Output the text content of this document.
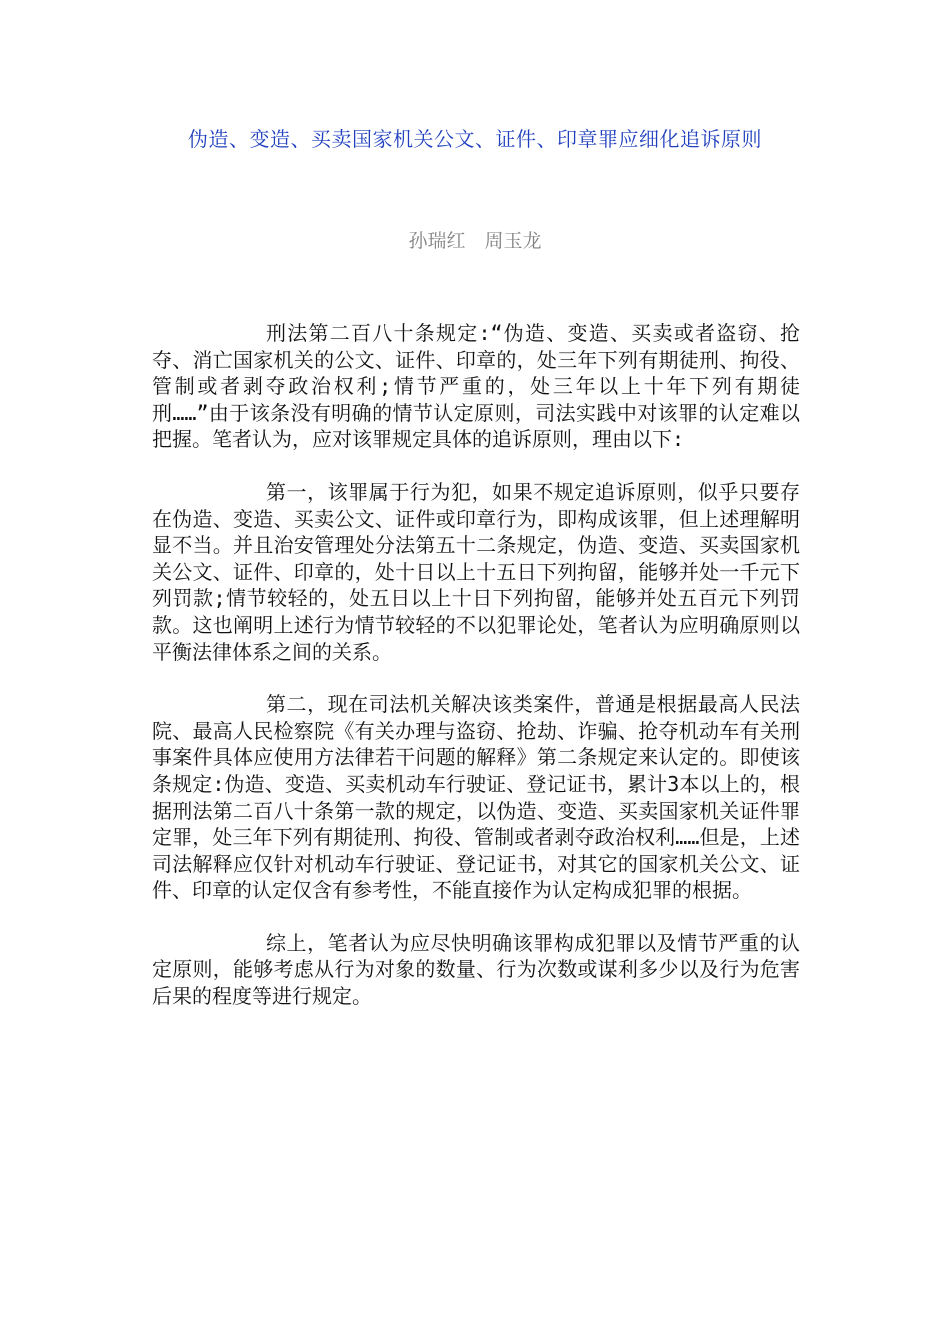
伪造、变造、买卖国家机关公文、证件、印章罪应细化追诉原则
孙瑞红　周玉龙

刑法第二百八十条规定:“伪造、变造、买卖或者盗窃、抢夺、消亡国家机关的公文、证件、印章的，处三年下列有期徒刑、拘役、管制或者剥夺政治权利;情节严重的，处三年以上十年下列有期徒刑……”由于该条没有明确的情节认定原则，司法实践中对该罪的认定难以把握。笔者认为，应对该罪规定具体的追诉原则，理由以下:

第一，该罪属于行为犯，如果不规定追诉原则，似乎只要存在伪造、变造、买卖公文、证件或印章行为，即构成该罪，但上述理解明显不当。并且治安管理处分法第五十二条规定，伪造、变造、买卖国家机关公文、证件、印章的，处十日以上十五日下列拘留，能够并处一千元下列罚款;情节较轻的，处五日以上十日下列拘留，能够并处五百元下列罚款。这也阐明上述行为情节较轻的不以犯罪论处，笔者认为应明确原则以平衡法律体系之间的关系。

第二，现在司法机关解决该类案件，普通是根据最高人民法院、最高人民检察院《有关办理与盗窃、抢劫、诈骗、抢夺机动车有关刑事案件具体应使用方法律若干问题的解释》第二条规定来认定的。即使该条规定:伪造、变造、买卖机动车行驶证、登记证书，累计3本以上的，根据刑法第二百八十条第一款的规定，以伪造、变造、买卖国家机关证件罪定罪，处三年下列有期徒刑、拘役、管制或者剥夺政治权利……但是，上述司法解释应仅针对机动车行驶证、登记证书，对其它的国家机关公文、证件、印章的认定仅含有参考性，不能直接作为认定构成犯罪的根据。

综上，笔者认为应尽快明确该罪构成犯罪以及情节严重的认定原则，能够考虑从行为对象的数量、行为次数或谋利多少以及行为危害后果的程度等进行规定。
